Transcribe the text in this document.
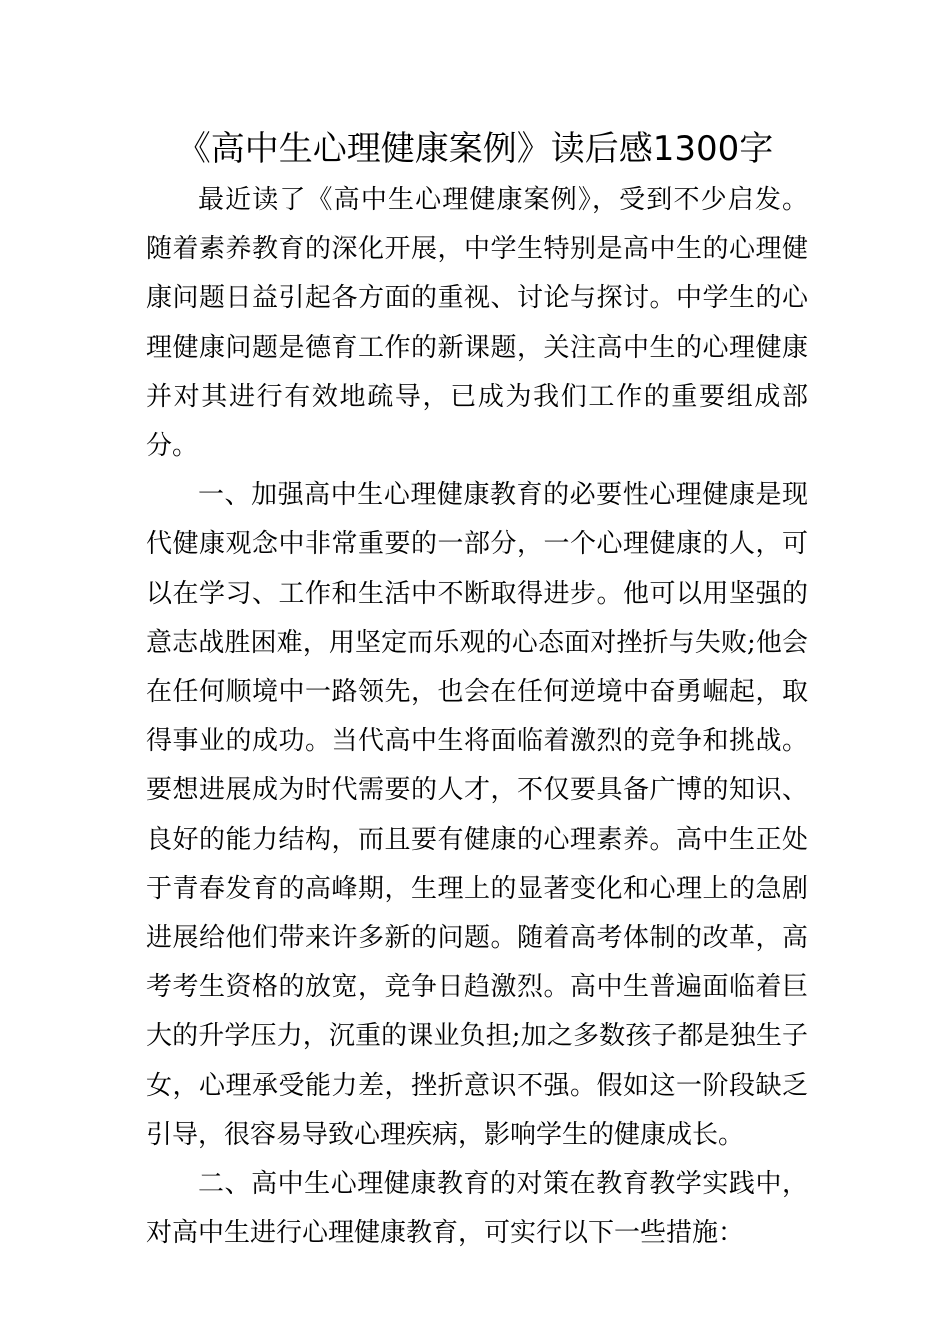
《高中生心理健康案例》读后感1300字

最近读了《高中生心理健康案例》，受到不少启发。随着素养教育的深化开展，中学生特别是高中生的心理健康问题日益引起各方面的重视、讨论与探讨。中学生的心理健康问题是德育工作的新课题，关注高中生的心理健康并对其进行有效地疏导，已成为我们工作的重要组成部分。

一、加强高中生心理健康教育的必要性心理健康是现代健康观念中非常重要的一部分，一个心理健康的人，可以在学习、工作和生活中不断取得进步。他可以用坚强的意志战胜困难，用坚定而乐观的心态面对挫折与失败;他会在任何顺境中一路领先，也会在任何逆境中奋勇崛起，取得事业的成功。当代高中生将面临着激烈的竞争和挑战。要想进展成为时代需要的人才，不仅要具备广博的知识、良好的能力结构，而且要有健康的心理素养。高中生正处于青春发育的高峰期，生理上的显著变化和心理上的急剧进展给他们带来许多新的问题。随着高考体制的改革，高考考生资格的放宽，竞争日趋激烈。高中生普遍面临着巨大的升学压力，沉重的课业负担;加之多数孩子都是独生子女，心理承受能力差，挫折意识不强。假如这一阶段缺乏引导，很容易导致心理疾病，影响学生的健康成长。

二、高中生心理健康教育的对策在教育教学实践中，对高中生进行心理健康教育，可实行以下一些措施：
